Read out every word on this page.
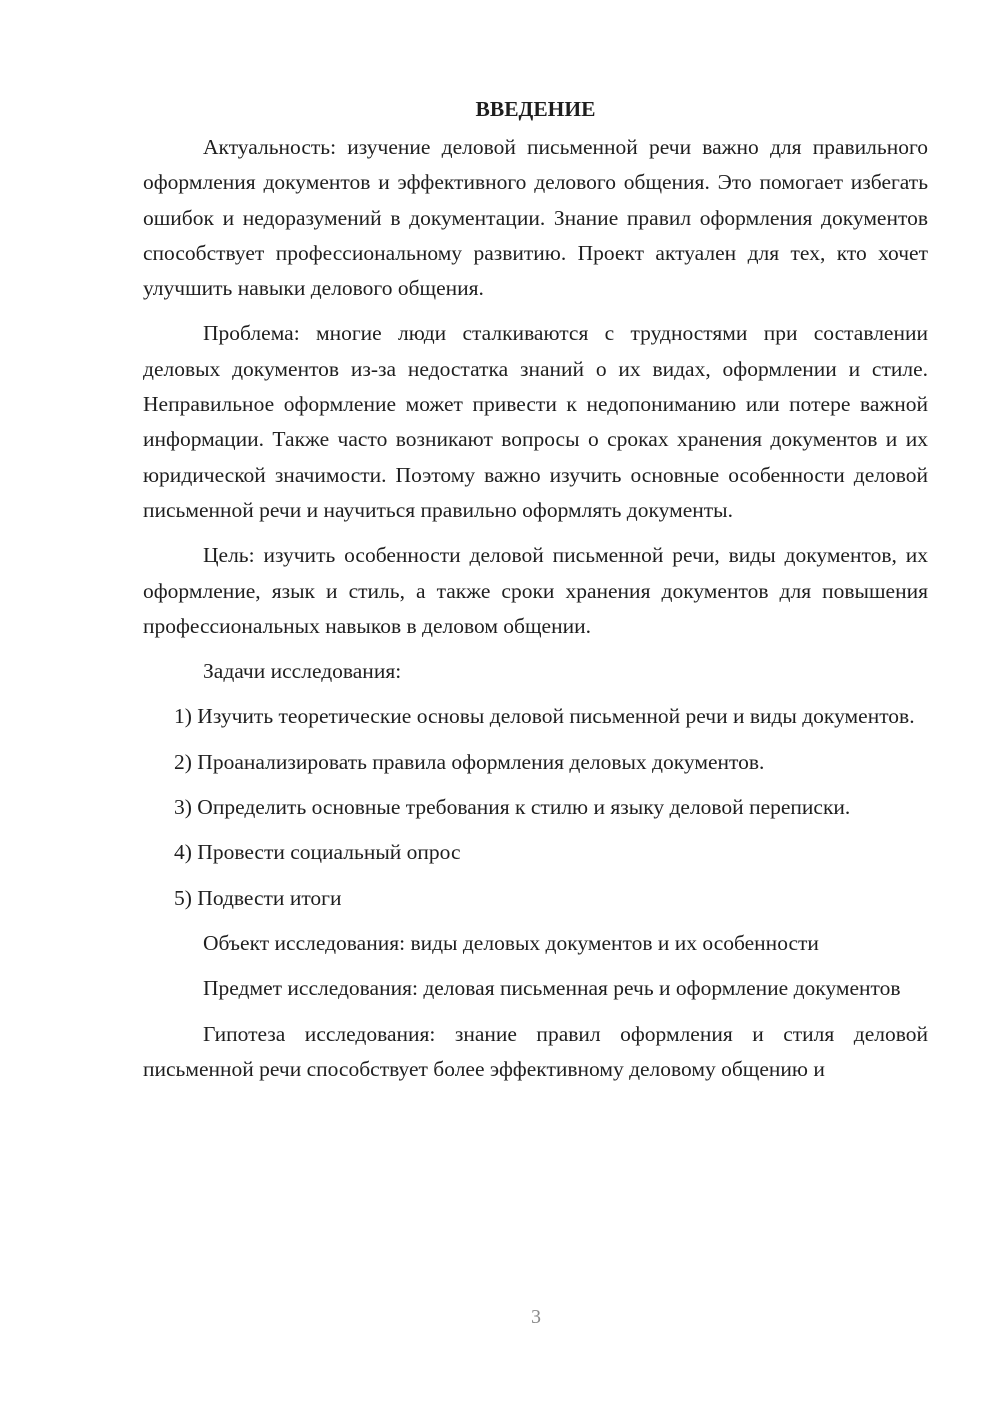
ВВЕДЕНИЕ

Актуальность: изучение деловой письменной речи важно для правильного оформления документов и эффективного делового общения. Это помогает избегать ошибок и недоразумений в документации. Знание правил оформления документов способствует профессиональному развитию. Проект актуален для тех, кто хочет улучшить навыки делового общения.

Проблема: многие люди сталкиваются с трудностями при составлении деловых документов из-за недостатка знаний о их видах, оформлении и стиле. Неправильное оформление может привести к недопониманию или потере важной информации. Также часто возникают вопросы о сроках хранения документов и их юридической значимости. Поэтому важно изучить основные особенности деловой письменной речи и научиться правильно оформлять документы.

Цель: изучить особенности деловой письменной речи, виды документов, их оформление, язык и стиль, а также сроки хранения документов для повышения профессиональных навыков в деловом общении.

Задачи исследования:

1) Изучить теоретические основы деловой письменной речи и виды документов.
2) Проанализировать правила оформления деловых документов.
3) Определить основные требования к стилю и языку деловой переписки.
4) Провести социальный опрос
5) Подвести итоги

Объект исследования: виды деловых документов и их особенности

Предмет исследования: деловая письменная речь и оформление документов

Гипотеза исследования: знание правил оформления и стиля деловой письменной речи способствует более эффективному деловому общению и

3
